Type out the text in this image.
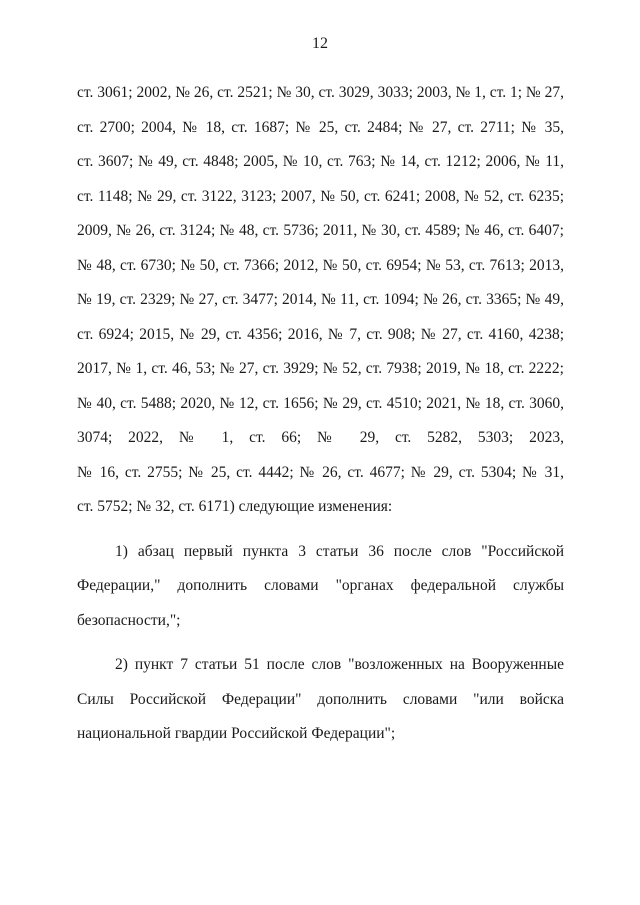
12
ст. 3061; 2002, № 26, ст. 2521; № 30, ст. 3029, 3033; 2003, № 1, ст. 1; № 27,
ст. 2700; 2004, № 18, ст. 1687; № 25, ст. 2484; № 27, ст. 2711; № 35,
ст. 3607; № 49, ст. 4848; 2005, № 10, ст. 763; № 14, ст. 1212; 2006, № 11,
ст. 1148; № 29, ст. 3122, 3123; 2007, № 50, ст. 6241; 2008, № 52, ст. 6235;
2009, № 26, ст. 3124; № 48, ст. 5736; 2011, № 30, ст. 4589; № 46, ст. 6407;
№ 48, ст. 6730; № 50, ст. 7366; 2012, № 50, ст. 6954; № 53, ст. 7613; 2013,
№ 19, ст. 2329; № 27, ст. 3477; 2014, № 11, ст. 1094; № 26, ст. 3365; № 49,
ст. 6924; 2015, № 29, ст. 4356; 2016, № 7, ст. 908; № 27, ст. 4160, 4238;
2017, № 1, ст. 46, 53; № 27, ст. 3929; № 52, ст. 7938; 2019, № 18, ст. 2222;
№ 40, ст. 5488; 2020, № 12, ст. 1656; № 29, ст. 4510; 2021, № 18, ст. 3060,
3074; 2022, № 1, ст. 66; № 29, ст. 5282, 5303; 2023,
№ 16, ст. 2755; № 25, ст. 4442; № 26, ст. 4677; № 29, ст. 5304; № 31,
ст. 5752; № 32, ст. 6171) следующие изменения:
1) абзац первый пункта 3 статьи 36 после слов "Российской
Федерации," дополнить словами "органах федеральной службы
безопасности,";
2) пункт 7 статьи 51 после слов "возложенных на Вооруженные
Силы Российской Федерации" дополнить словами "или войска
национальной гвардии Российской Федерации";
